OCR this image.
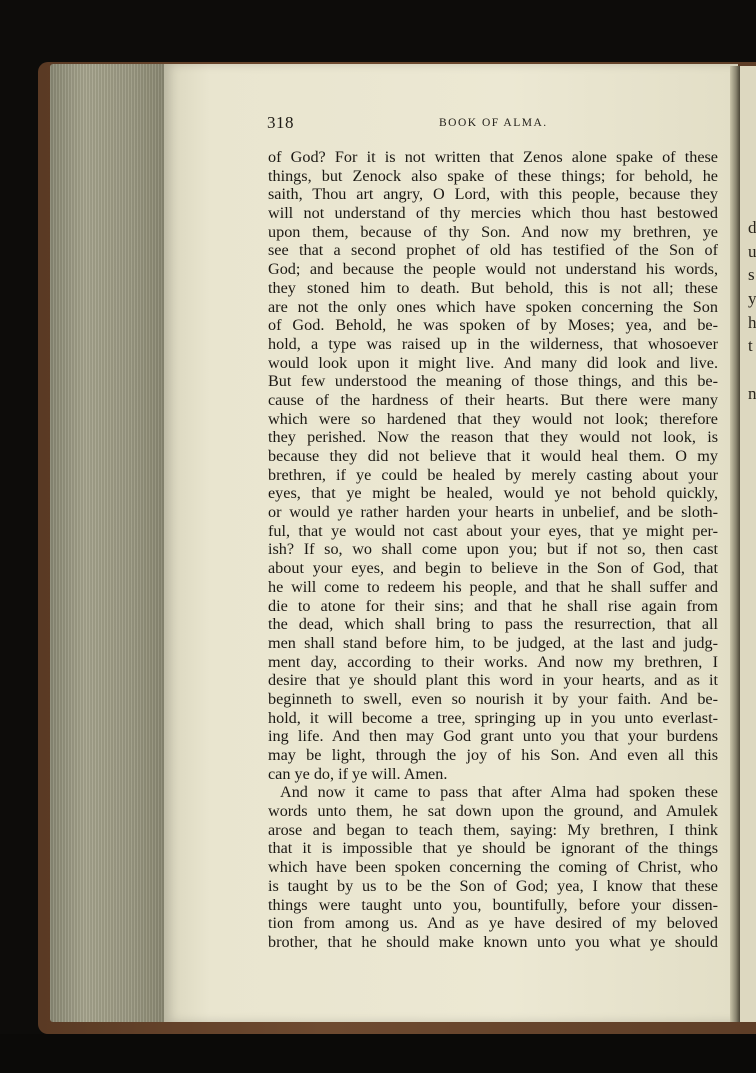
d
u
s
y
h
t
n
318	BOOK OF ALMA.
of God? For it is not written that Zenos alone spake of these
things, but Zenock also spake of these things; for behold, he
saith, Thou art angry, O Lord, with this people, because they
will not understand of thy mercies which thou hast bestowed
upon them, because of thy Son. And now my brethren, ye
see that a second prophet of old has testified of the Son of
God; and because the people would not understand his words,
they stoned him to death. But behold, this is not all; these
are not the only ones which have spoken concerning the Son
of God. Behold, he was spoken of by Moses; yea, and be-
hold, a type was raised up in the wilderness, that whosoever
would look upon it might live. And many did look and live.
But few understood the meaning of those things, and this be-
cause of the hardness of their hearts. But there were many
which were so hardened that they would not look; therefore
they perished. Now the reason that they would not look, is
because they did not believe that it would heal them. O my
brethren, if ye could be healed by merely casting about your
eyes, that ye might be healed, would ye not behold quickly,
or would ye rather harden your hearts in unbelief, and be sloth-
ful, that ye would not cast about your eyes, that ye might per-
ish? If so, wo shall come upon you; but if not so, then cast
about your eyes, and begin to believe in the Son of God, that
he will come to redeem his people, and that he shall suffer and
die to atone for their sins; and that he shall rise again from
the dead, which shall bring to pass the resurrection, that all
men shall stand before him, to be judged, at the last and judg-
ment day, according to their works. And now my brethren, I
desire that ye should plant this word in your hearts, and as it
beginneth to swell, even so nourish it by your faith. And be-
hold, it will become a tree, springing up in you unto everlast-
ing life. And then may God grant unto you that your burdens
may be light, through the joy of his Son. And even all this
can ye do, if ye will. Amen.
And now it came to pass that after Alma had spoken these
words unto them, he sat down upon the ground, and Amulek
arose and began to teach them, saying: My brethren, I think
that it is impossible that ye should be ignorant of the things
which have been spoken concerning the coming of Christ, who
is taught by us to be the Son of God; yea, I know that these
things were taught unto you, bountifully, before your dissen-
tion from among us. And as ye have desired of my beloved
brother, that he should make known unto you what ye should
